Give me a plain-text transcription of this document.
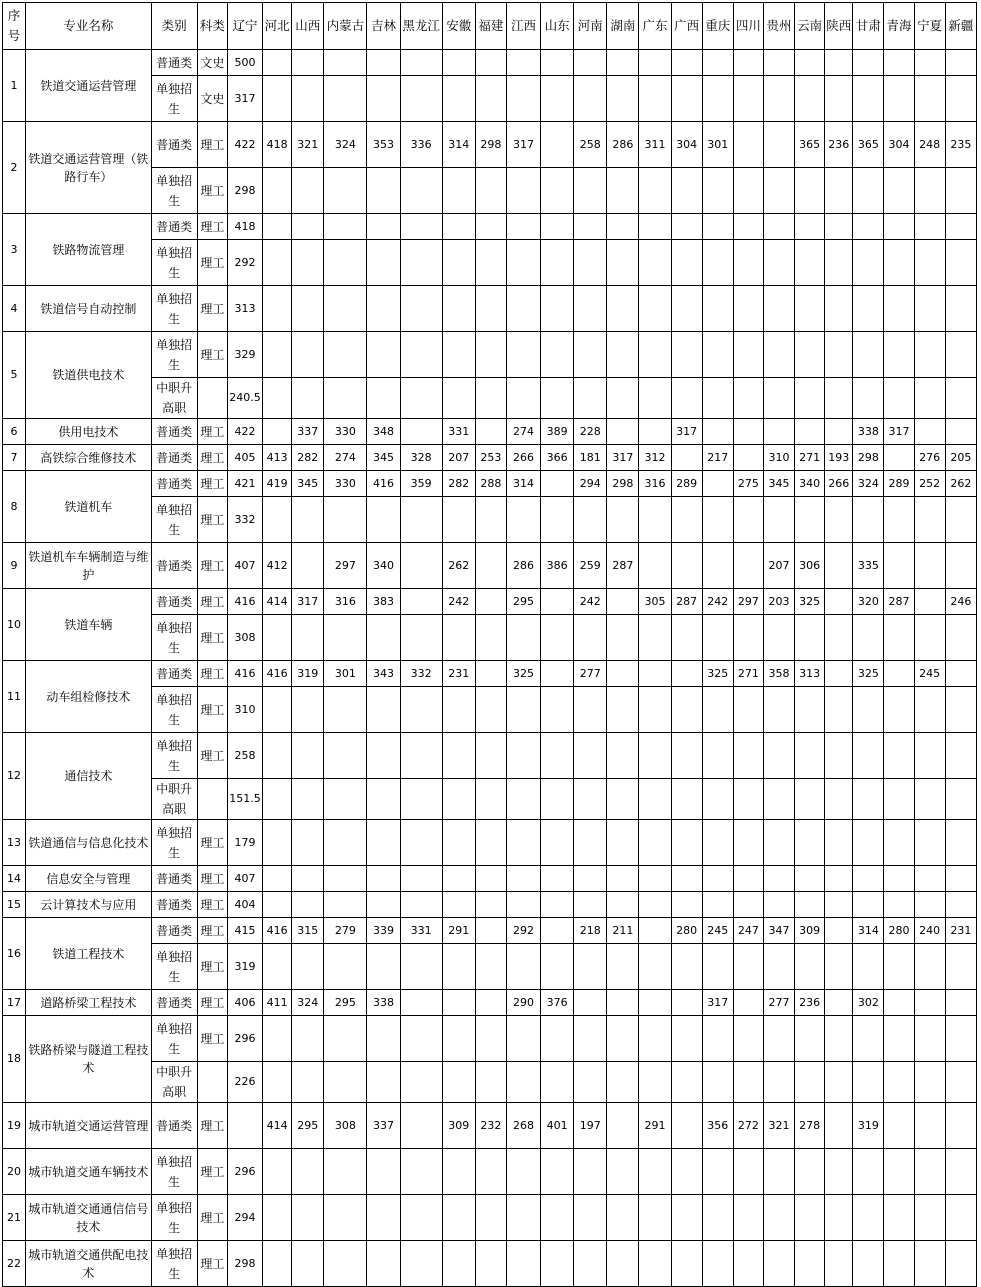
序号	专业名称	类别	科类	辽宁	河北	山西	内蒙古	吉林	黑龙江	安徽	福建	江西	山东	河南	湖南	广东	广西	重庆	四川	贵州	云南	陕西	甘肃	青海	宁夏	新疆
1	铁道交通运营管理	普通类	文史	500																						
		单独招生	文史	317																						
2	铁道交通运营管理（铁路行车）	普通类	理工	422	418	321	324	353	336	314	298	317		258	286	311	304	301			365	236	365	304	248	235
		单独招生	理工	298																						
3	铁路物流管理	普通类	理工	418																						
		单独招生	理工	292																						
4	铁道信号自动控制	单独招生	理工	313																						
5	铁道供电技术	单独招生	理工	329																						
		中职升高职		240.5																						
6	供用电技术	普通类	理工	422		337	330	348		331		274	389	228			317						338	317		
7	高铁综合维修技术	普通类	理工	405	413	282	274	345	328	207	253	266	366	181	317	312		217		310	271	193	298		276	205
8	铁道机车	普通类	理工	421	419	345	330	416	359	282	288	314		294	298	316	289		275	345	340	266	324	289	252	262
		单独招生	理工	332																						
9	铁道机车车辆制造与维护	普通类	理工	407	412		297	340		262		286	386	259	287					207	306		335			
10	铁道车辆	普通类	理工	416	414	317	316	383		242		295		242		305	287	242	297	203	325		320	287		246
		单独招生	理工	308																						
11	动车组检修技术	普通类	理工	416	416	319	301	343	332	231		325		277				325	271	358	313		325		245	
		单独招生	理工	310																						
12	通信技术	单独招生	理工	258																						
		中职升高职		151.5																						
13	铁道通信与信息化技术	单独招生	理工	179																						
14	信息安全与管理	普通类	理工	407																						
15	云计算技术与应用	普通类	理工	404																						
16	铁道工程技术	普通类	理工	415	416	315	279	339	331	291		292		218	211		280	245	247	347	309		314	280	240	231
		单独招生	理工	319																						
17	道路桥梁工程技术	普通类	理工	406	411	324	295	338				290	376					317		277	236		302			
18	铁路桥梁与隧道工程技术	单独招生	理工	296																						
		中职升高职		226																						
19	城市轨道交通运营管理	普通类	理工		414	295	308	337		309	232	268	401	197		291		356	272	321	278		319			
20	城市轨道交通车辆技术	单独招生	理工	296																						
21	城市轨道交通通信信号技术	单独招生	理工	294																						
22	城市轨道交通供配电技术	单独招生	理工	298																						
